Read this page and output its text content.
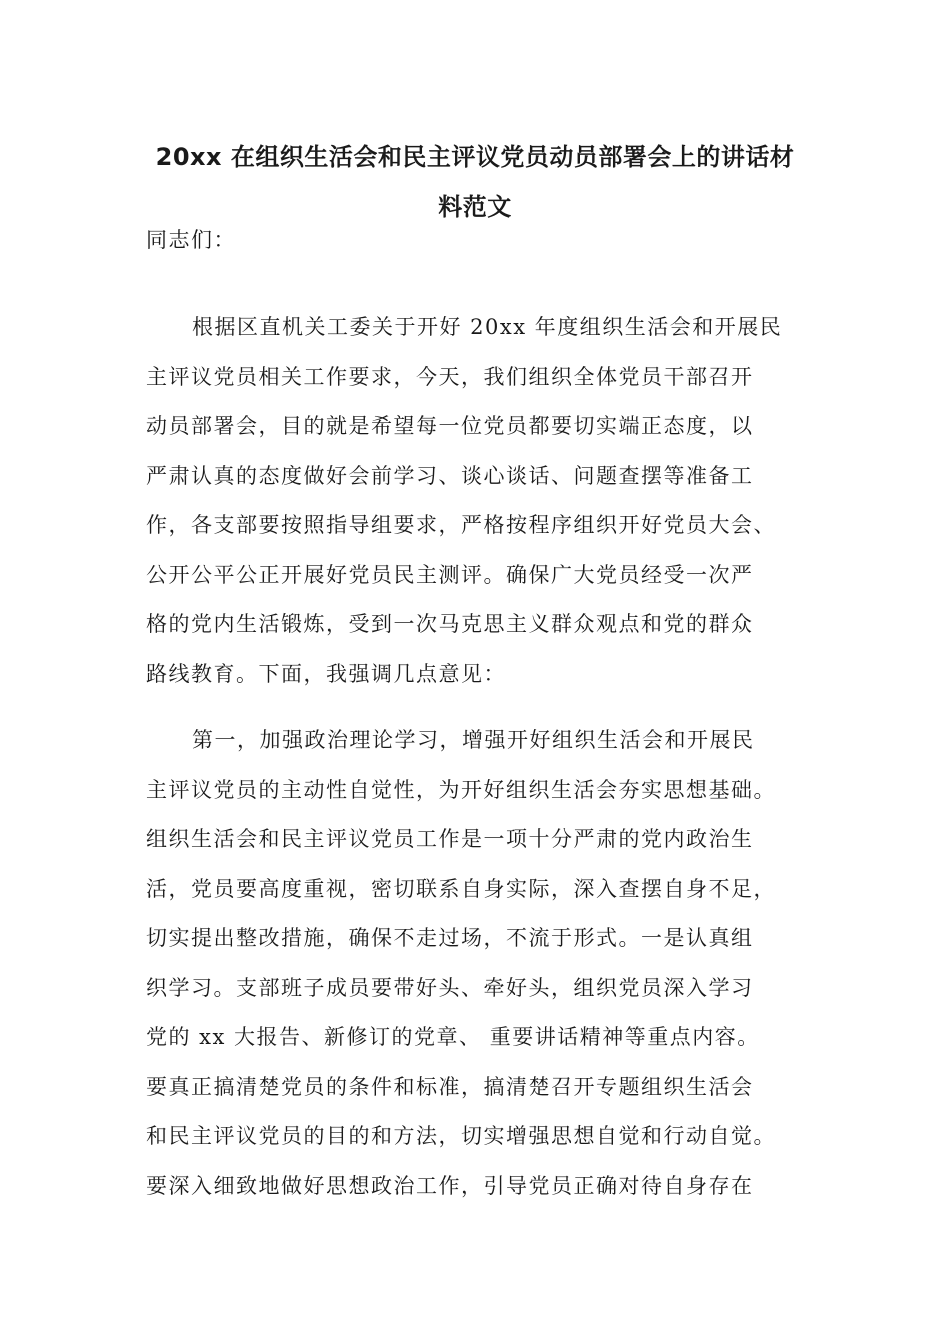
20xx 在组织生活会和民主评议党员动员部署会上的讲话材
料范文
同志们：
根据区直机关工委关于开好 20xx 年度组织生活会和开展民
主评议党员相关工作要求，今天，我们组织全体党员干部召开
动员部署会，目的就是希望每一位党员都要切实端正态度，以
严肃认真的态度做好会前学习、谈心谈话、问题查摆等准备工
作，各支部要按照指导组要求，严格按程序组织开好党员大会、
公开公平公正开展好党员民主测评。确保广大党员经受一次严
格的党内生活锻炼，受到一次马克思主义群众观点和党的群众
路线教育。下面，我强调几点意见：
第一，加强政治理论学习，增强开好组织生活会和开展民
主评议党员的主动性自觉性，为开好组织生活会夯实思想基础。
组织生活会和民主评议党员工作是一项十分严肃的党内政治生
活，党员要高度重视，密切联系自身实际，深入查摆自身不足，
切实提出整改措施，确保不走过场，不流于形式。一是认真组
织学习。支部班子成员要带好头、牵好头，组织党员深入学习
党的 xx 大报告、新修订的党章、 重要讲话精神等重点内容。
要真正搞清楚党员的条件和标准，搞清楚召开专题组织生活会
和民主评议党员的目的和方法，切实增强思想自觉和行动自觉。
要深入细致地做好思想政治工作，引导党员正确对待自身存在
